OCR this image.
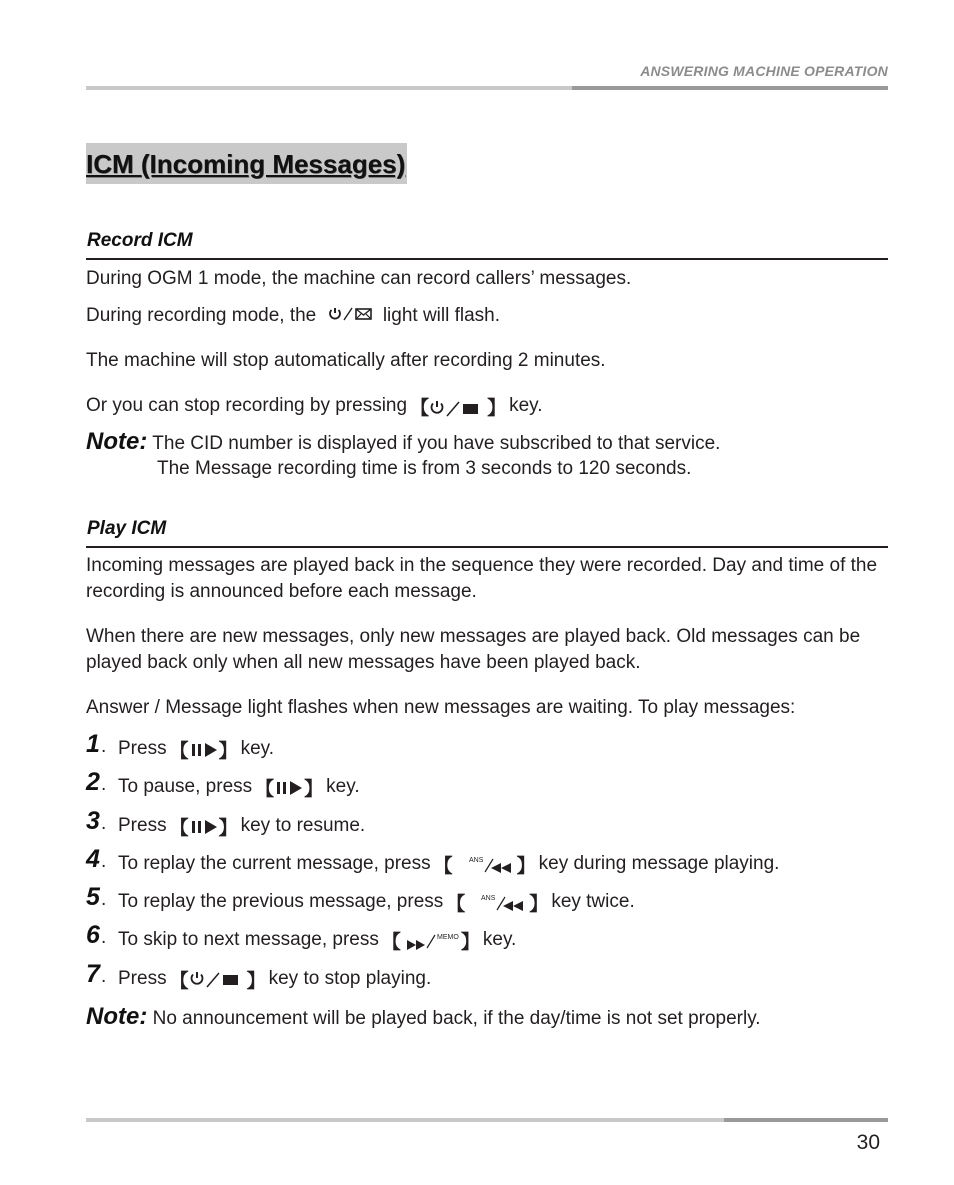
ANSWERING MACHINE OPERATION
ICM (Incoming Messages)
Record ICM
During OGM 1 mode, the machine can record callers’ messages.
During recording mode, the	light will flash.
The machine will stop automatically after recording 2 minutes.
Or you can stop recording by pressing 【	】 key.
Note: The CID number is displayed if you have subscribed to that service.
The Message recording time is from 3 seconds to 120 seconds.
Play ICM
Incoming messages are played back in the sequence they were recorded. Day and time of the recording is announced before each message.
When there are new messages, only new messages are played back. Old messages can be played back only when all new messages have been played back.
Answer / Message light flashes when new messages are waiting. To play messages:
1 . Press 【 】 key.
2 . To pause, press 【 】 key.
3 . Press 【 】 key to resume.
4 . To replay the current message, press 【 ANS 】 key during message playing.
5 . To replay the previous message, press 【 ANS 】 key twice.
6 . To skip to next message, press 【	MEMO 】 key.
7 . Press 【	】 key to stop playing.
Note: No announcement will be played back, if the day/time is not set properly.
30
